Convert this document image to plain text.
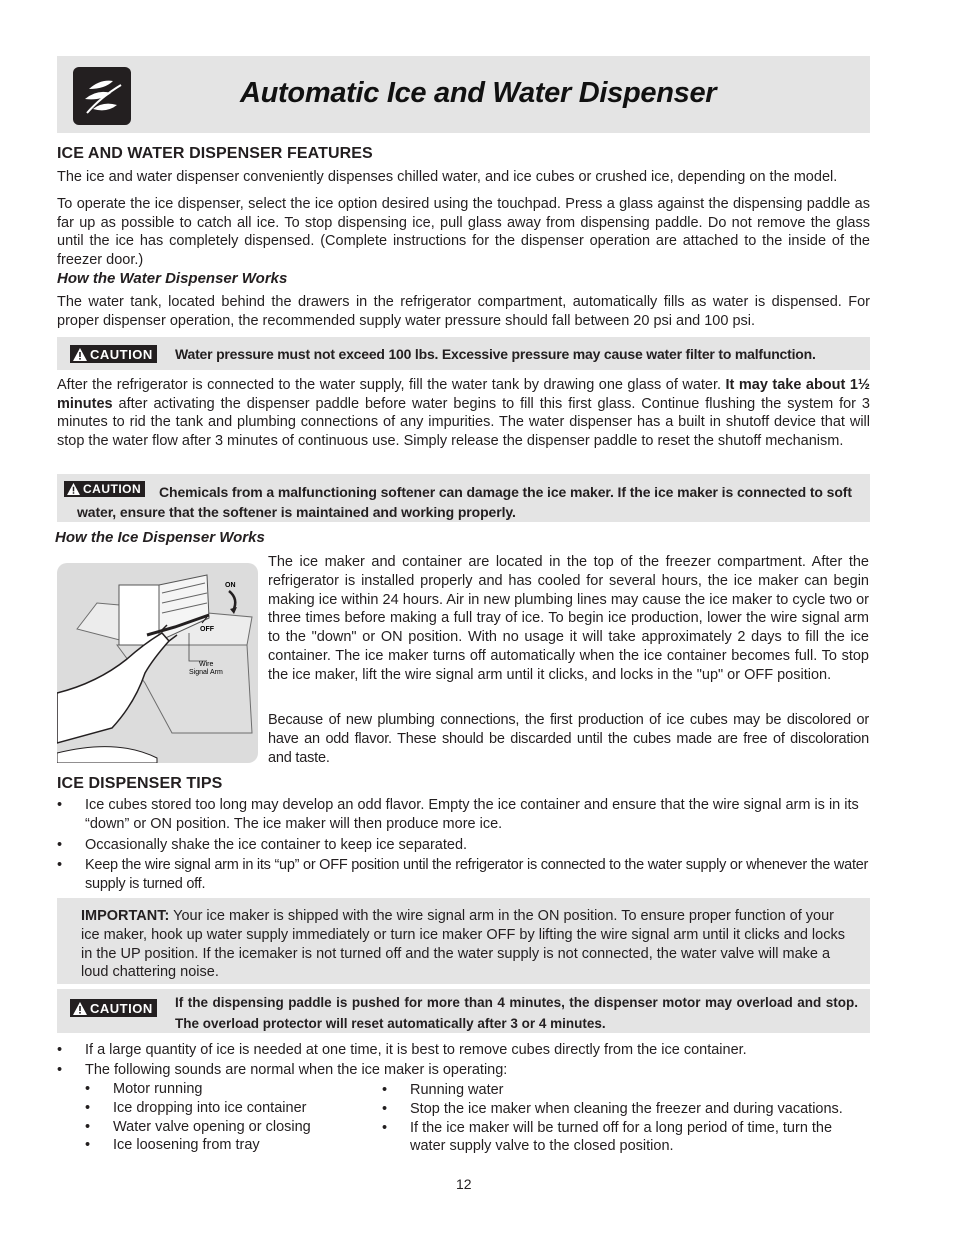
Automatic Ice and Water Dispenser
ICE AND WATER DISPENSER FEATURES
The ice and water dispenser conveniently dispenses chilled water, and ice cubes or crushed ice, depending on the model.
To operate the ice dispenser, select the ice option desired using the touchpad. Press a glass against the dispensing paddle as far up as possible to catch all ice. To stop dispensing ice, pull glass away from dispensing paddle. Do not remove the glass until the ice has completely dispensed. (Complete instructions for the dispenser operation are attached to the inside of the freezer door.)
How the Water Dispenser Works
The water tank, located behind the drawers in the refrigerator compartment, automatically fills as water is dispensed. For proper dispenser operation, the recommended supply water pressure should fall between 20 psi and 100 psi.
CAUTION Water pressure must not exceed 100 lbs. Excessive pressure may cause water filter to malfunction.
After the refrigerator is connected to the water supply, fill the water tank by drawing one glass of water. It may take about 1½ minutes after activating the dispenser paddle before water begins to fill this first glass. Continue flushing the system for 3 minutes to rid the tank and plumbing connections of any impurities. The water dispenser has a built in shutoff device that will stop the water flow after 3 minutes of continuous use. Simply release the dispenser paddle to reset the shutoff mechanism.
CAUTION	Chemicals from a malfunctioning softener can damage the ice maker. If the ice maker is connected to soft water, ensure that the softener is maintained and working properly.
How the Ice Dispenser Works
ON
OFF
Wire
Signal Arm
The ice maker and container are located in the top of the freezer compartment. After the refrigerator is installed properly and has cooled for several hours, the ice maker can begin making ice within 24 hours. Air in new plumbing lines may cause the ice maker to cycle two or three times before making a full tray of ice. To begin ice production, lower the wire signal arm to the "down" or ON position. With no usage it will take approximately 2 days to fill the ice container. The ice maker turns off automatically when the ice container becomes full. To stop the ice maker, lift the wire signal arm until it clicks, and locks in the "up" or OFF position.
Because of new plumbing connections, the first production of ice cubes may be discolored or have an odd flavor. These should be discarded until the cubes made are free of discoloration and taste.
ICE DISPENSER TIPS
• Ice cubes stored too long may develop an odd flavor. Empty the ice container and ensure that the wire signal arm is in its “down” or ON position. The ice maker will then produce more ice.
• Occasionally shake the ice container to keep ice separated.
• Keep the wire signal arm in its “up” or OFF position until the refrigerator is connected to the water supply or whenever the water supply is turned off.
IMPORTANT: Your ice maker is shipped with the wire signal arm in the ON position. To ensure proper function of your ice maker, hook up water supply immediately or turn ice maker OFF by lifting the wire signal arm until it clicks and locks in the UP position. If the icemaker is not turned off and the water supply is not connected, the water valve will make a loud chattering noise.
CAUTION If the dispensing paddle is pushed for more than 4 minutes, the dispenser motor may overload and stop. The overload protector will reset automatically after 3 or 4 minutes.
• If a large quantity of ice is needed at one time, it is best to remove cubes directly from the ice container.
• The following sounds are normal when the ice maker is operating:
• Motor running
• Ice dropping into ice container
• Water valve opening or closing
• Ice loosening from tray
• Running water
• Stop the ice maker when cleaning the freezer and during vacations.
• If the ice maker will be turned off for a long period of time, turn the water supply valve to the closed position.
12
